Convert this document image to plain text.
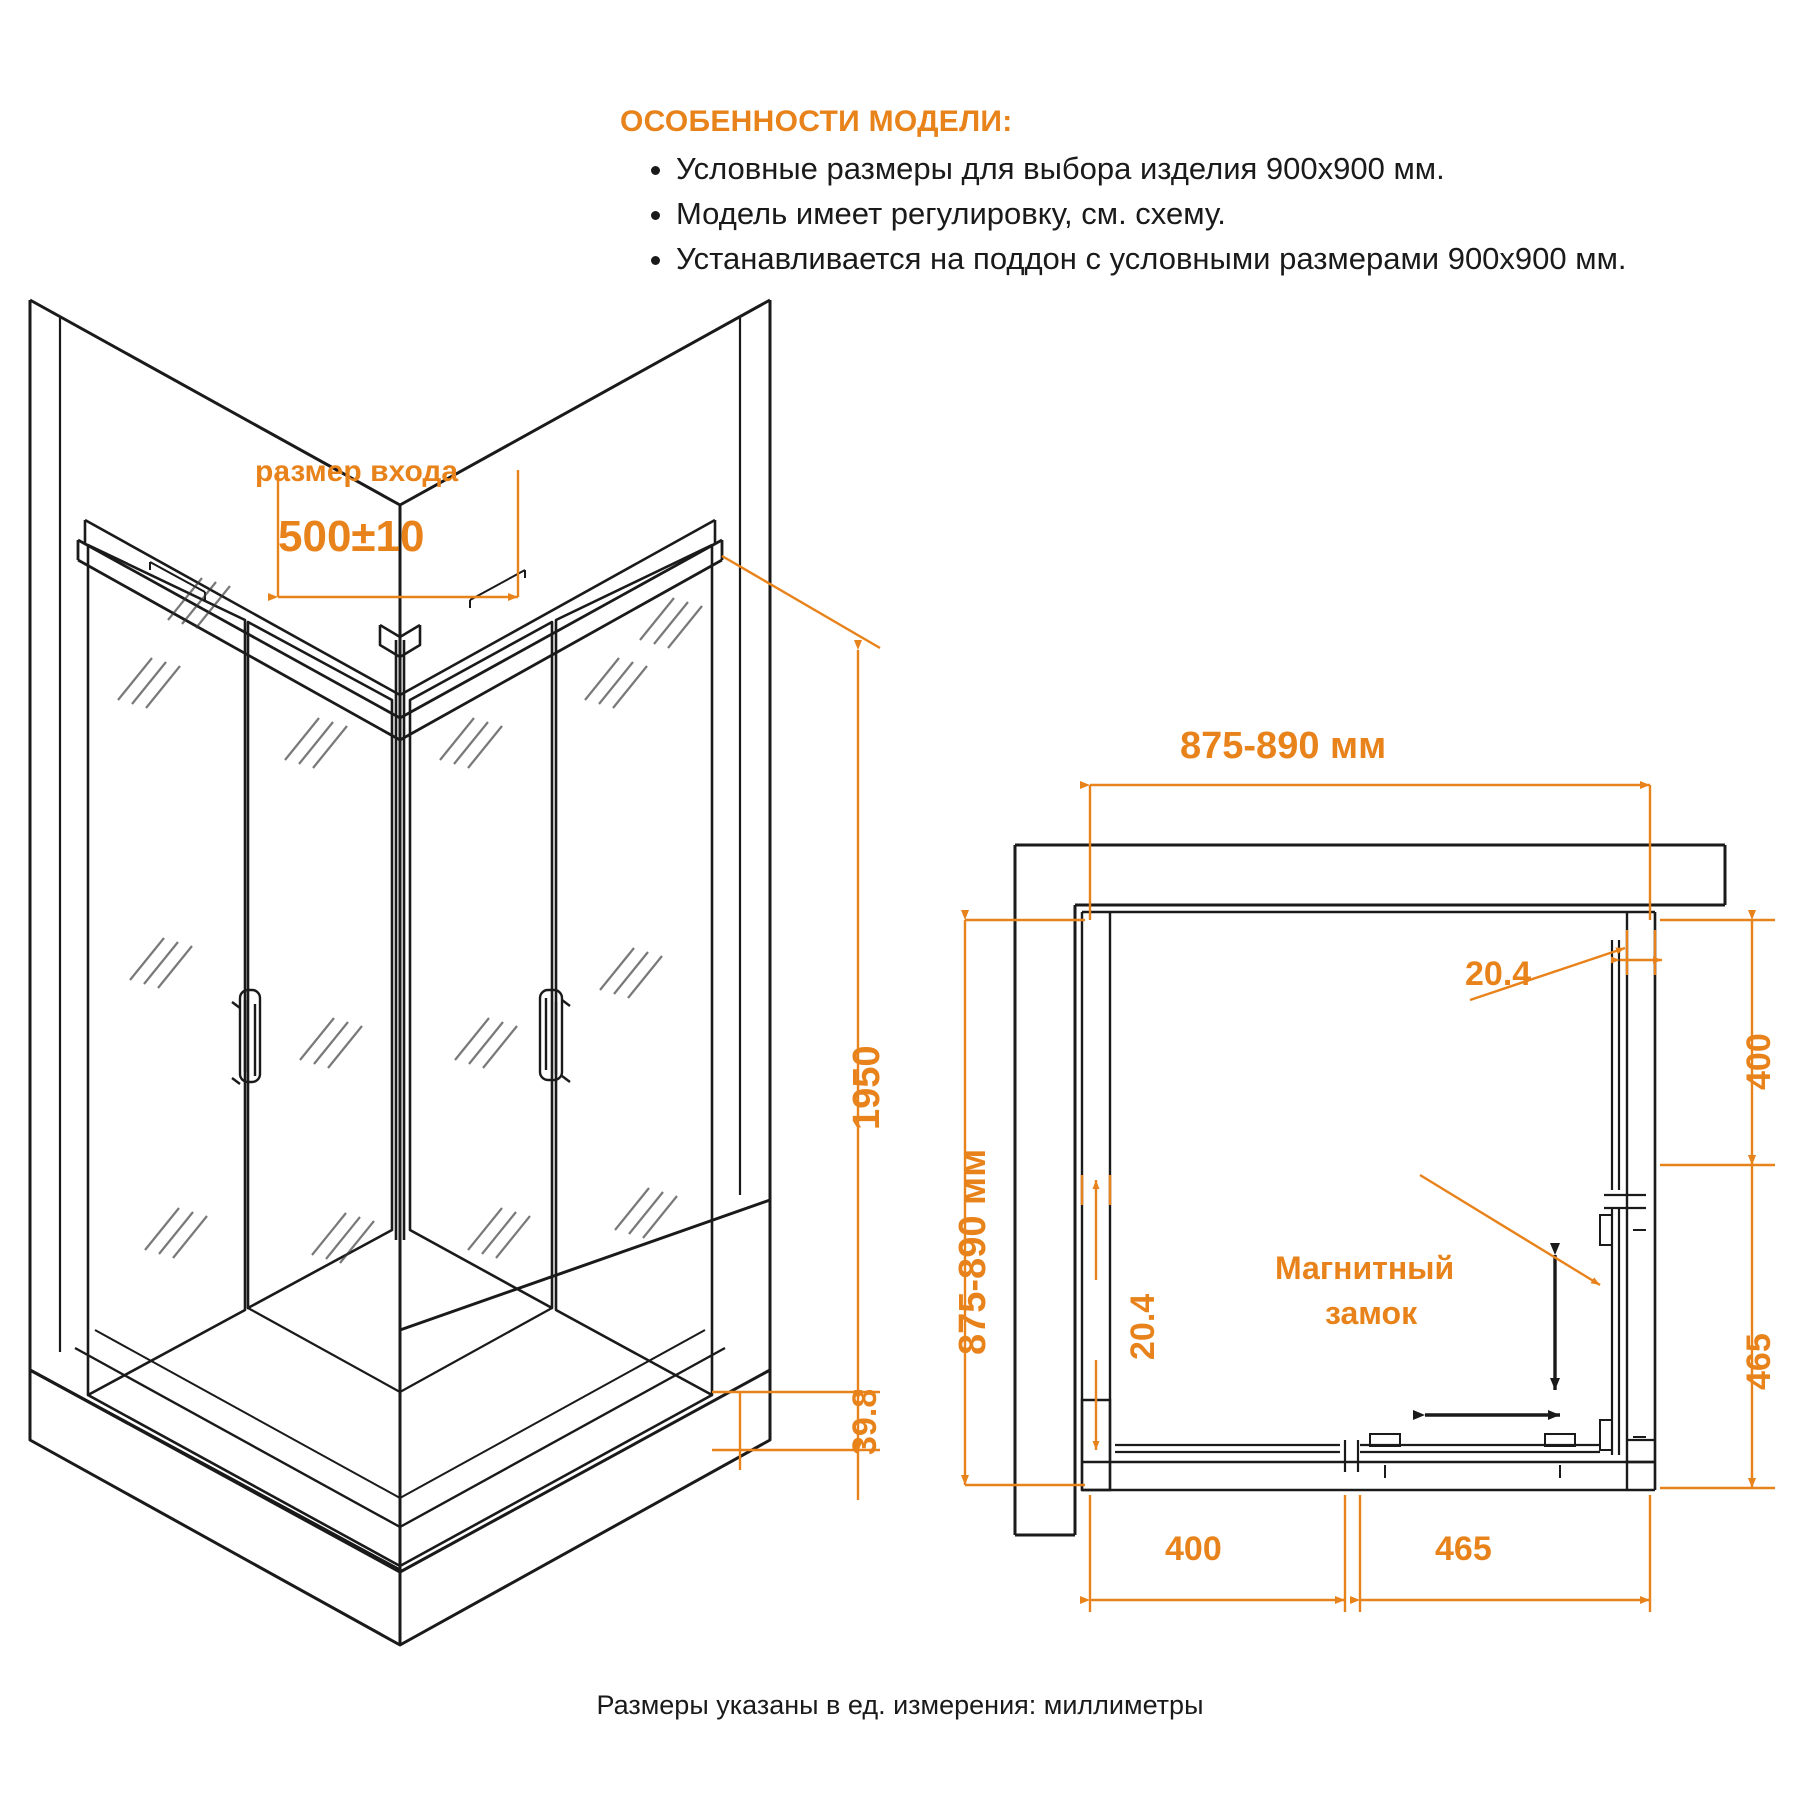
ОСОБЕННОСТИ МОДЕЛИ:
• Условные размеры для выбора изделия 900х900 мм.
• Модель имеет регулировку, см. схему.
• Устанавливается на поддон с условными размерами 900х900 мм.
Размеры указаны в ед. измерения: миллиметры
размер входа
500±10
1950
39.8
875-890 мм
875-890 мм
20.4
20.4
400
465
400	465
Магнитный
замок
